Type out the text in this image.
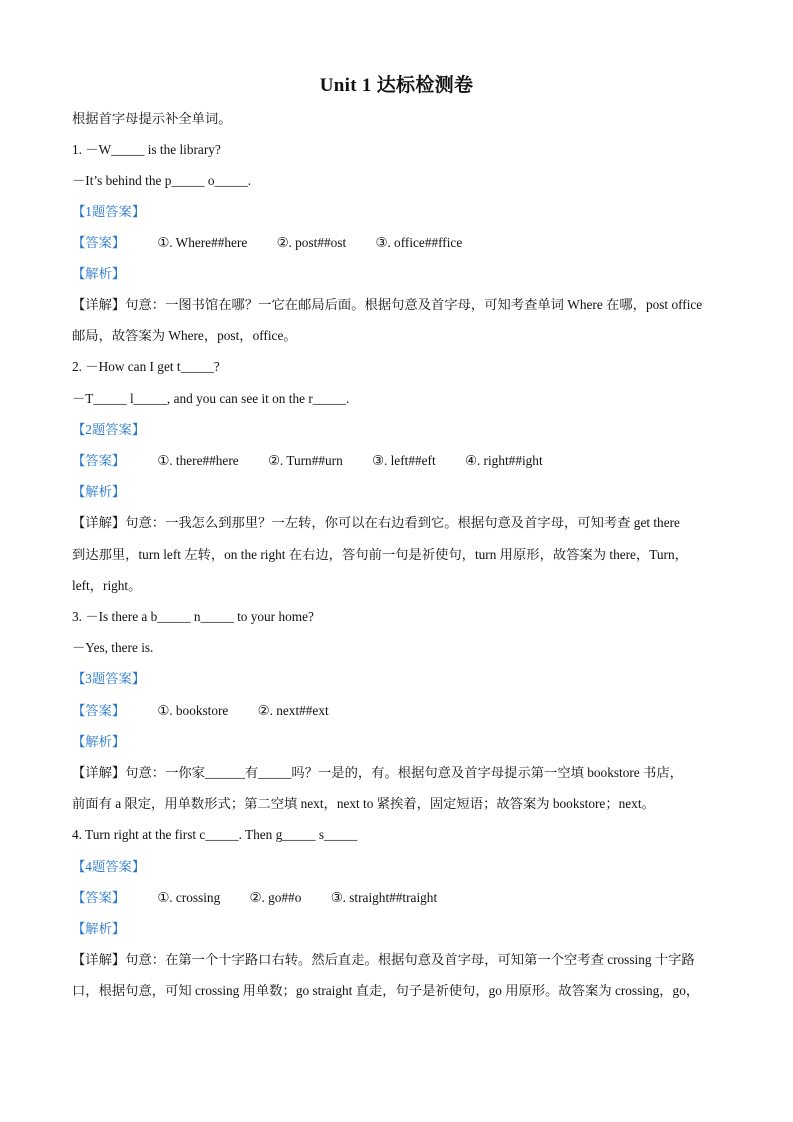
Unit 1 达标检测卷
根据首字母提示补全单词。
1. －W_____ is the library?
－It’s behind the p_____ o_____.
【1题答案】
【答案】 ①. Where##here ②. post##ost ③. office##ffice
【解析】
【详解】句意：一图书馆在哪？一它在邮局后面。根据句意及首字母，可知考查单词 Where 在哪，post office
邮局，故答案为 Where，post，office。
2. －How can I get t_____?
－T_____ l_____, and you can see it on the r_____.
【2题答案】
【答案】 ①. there##here ②. Turn##urn ③. left##eft ④. right##ight
【解析】
【详解】句意：一我怎么到那里？一左转，你可以在右边看到它。根据句意及首字母，可知考查 get there
到达那里，turn left 左转，on the right 在右边，答句前一句是祈使句，turn 用原形，故答案为 there，Turn，
left，right。
3. －Is there a b_____ n_____ to your home?
－Yes, there is.
【3题答案】
【答案】 ①. bookstore ②. next##ext
【解析】
【详解】句意：一你家______有_____吗？一是的，有。根据句意及首字母提示第一空填 bookstore 书店，
前面有 a 限定，用单数形式；第二空填 next，next to 紧挨着，固定短语；故答案为 bookstore；next。
4. Turn right at the first c_____. Then g_____ s_____
【4题答案】
【答案】 ①. crossing ②. go##o ③. straight##traight
【解析】
【详解】句意：在第一个十字路口右转。然后直走。根据句意及首字母，可知第一个空考查 crossing 十字路
口，根据句意，可知 crossing 用单数；go straight 直走，句子是祈使句，go 用原形。故答案为 crossing，go，
